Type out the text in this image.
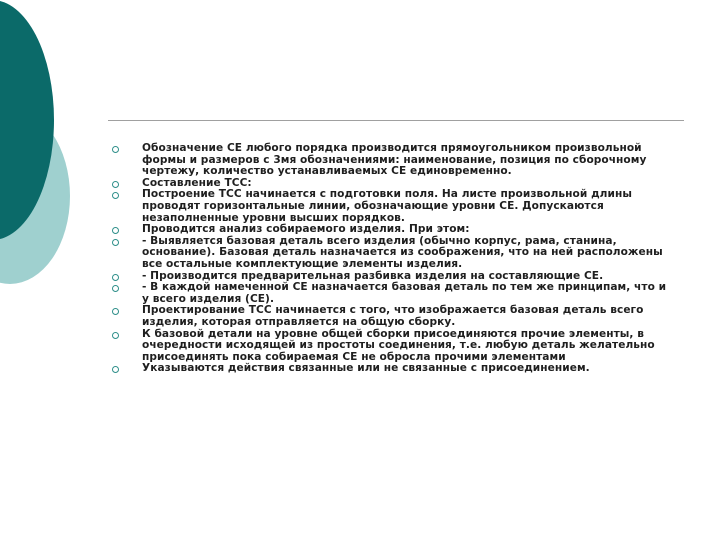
Обозначение СЕ любого порядка производится прямоугольником произвольной формы и размеров с 3мя обозначениями: наименование, позиция по сборочному чертежу, количество устанавливаемых СЕ единовременно.
Составление ТСС:
Построение ТСС начинается с подготовки поля. На листе произвольной длины проводят горизонтальные линии, обозначающие уровни СЕ. Допускаются незаполненные уровни высших порядков.
Проводится анализ собираемого изделия. При этом:
- Выявляется базовая деталь всего изделия (обычно корпус, рама, станина, основание). Базовая деталь назначается из соображения, что на ней расположены все остальные комплектующие элементы изделия.
- Производится предварительная разбивка изделия на составляющие СЕ.
- В каждой намеченной СЕ назначается базовая деталь по тем же принципам, что и у всего изделия (СЕ).
Проектирование ТСС начинается с того, что изображается базовая деталь всего изделия, которая отправляется на общую сборку.
К базовой детали на уровне общей сборки присоединяются прочие элементы, в очередности исходящей из простоты соединения, т.е. любую деталь желательно присоединять пока собираемая СЕ не обросла прочими элементами
Указываются действия связанные или не связанные с присоединением.
